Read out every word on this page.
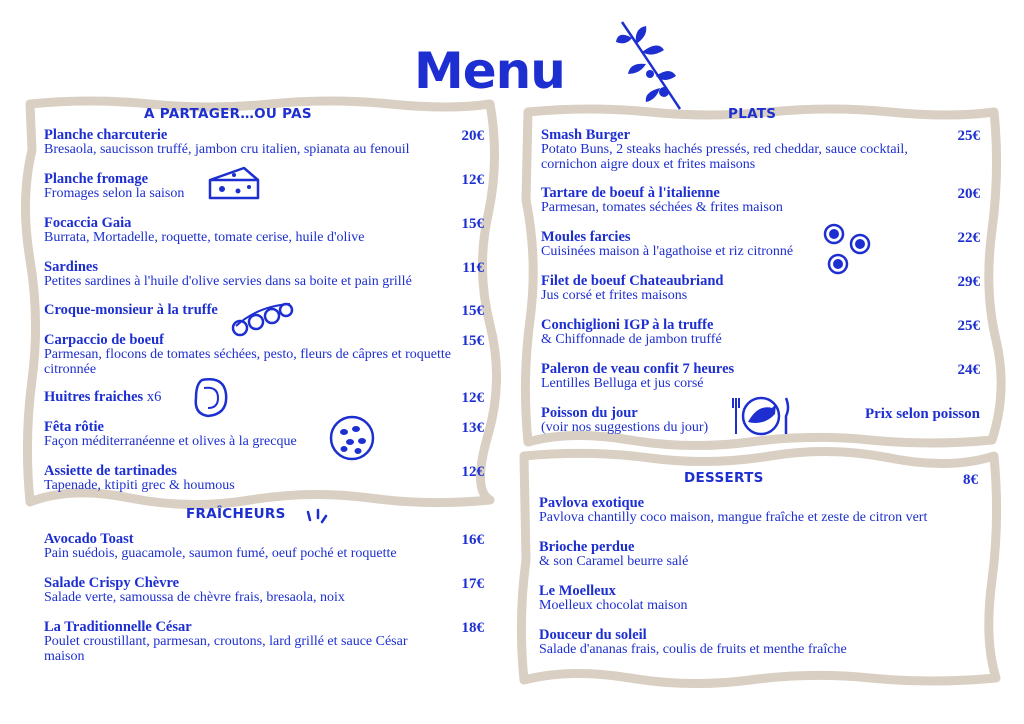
Menu
A PARTAGER…OU PAS
Planche charcuterie
Bresaola, saucisson truffé, jambon cru italien, spianata au fenouil
20€
Planche fromage
Fromages selon la saison
12€
Focaccia Gaia
Burrata, Mortadelle, roquette, tomate cerise, huile d'olive
15€
Sardines
Petites sardines à l'huile d'olive servies dans sa boite et pain grillé
11€
Croque-monsieur à la truffe	15€
Carpaccio de boeuf
Parmesan, flocons de tomates séchées, pesto, fleurs de câpres et roquette citronnée
15€
Huitres fraiches x6	12€
Fêta rôtie
Façon méditerranéenne et olives à la grecque
13€
Assiette de tartinades
Tapenade, ktipiti grec & houmous
12€
FRAÎCHEURS
Avocado Toast
Pain suédois, guacamole, saumon fumé, oeuf poché et roquette
16€
Salade Crispy Chèvre
Salade verte, samoussa de chèvre frais, bresaola, noix
17€
La Traditionnelle César
Poulet croustillant, parmesan, croutons, lard grillé et sauce César maison
18€
PLATS
Smash Burger
Potato Buns, 2 steaks hachés pressés, red cheddar, sauce cocktail, cornichon aigre doux et frites maisons
25€
Tartare de boeuf à l'italienne
Parmesan, tomates séchées & frites maison
20€
Moules farcies
Cuisinées maison à l'agathoise et riz citronné
22€
Filet de boeuf Chateaubriand
Jus corsé et frites maisons
29€
Conchiglioni IGP à la truffe
& Chiffonnade de jambon truffé
25€
Paleron de veau confit 7 heures
Lentilles Belluga et jus corsé
24€
Poisson du jour
(voir nos suggestions du jour)
Prix selon poisson
DESSERTS	8€
Pavlova exotique
Pavlova chantilly coco maison, mangue fraîche et zeste de citron vert
Brioche perdue
& son Caramel beurre salé
Le Moelleux
Moelleux chocolat maison
Douceur du soleil
Salade d'ananas frais, coulis de fruits et menthe fraîche
